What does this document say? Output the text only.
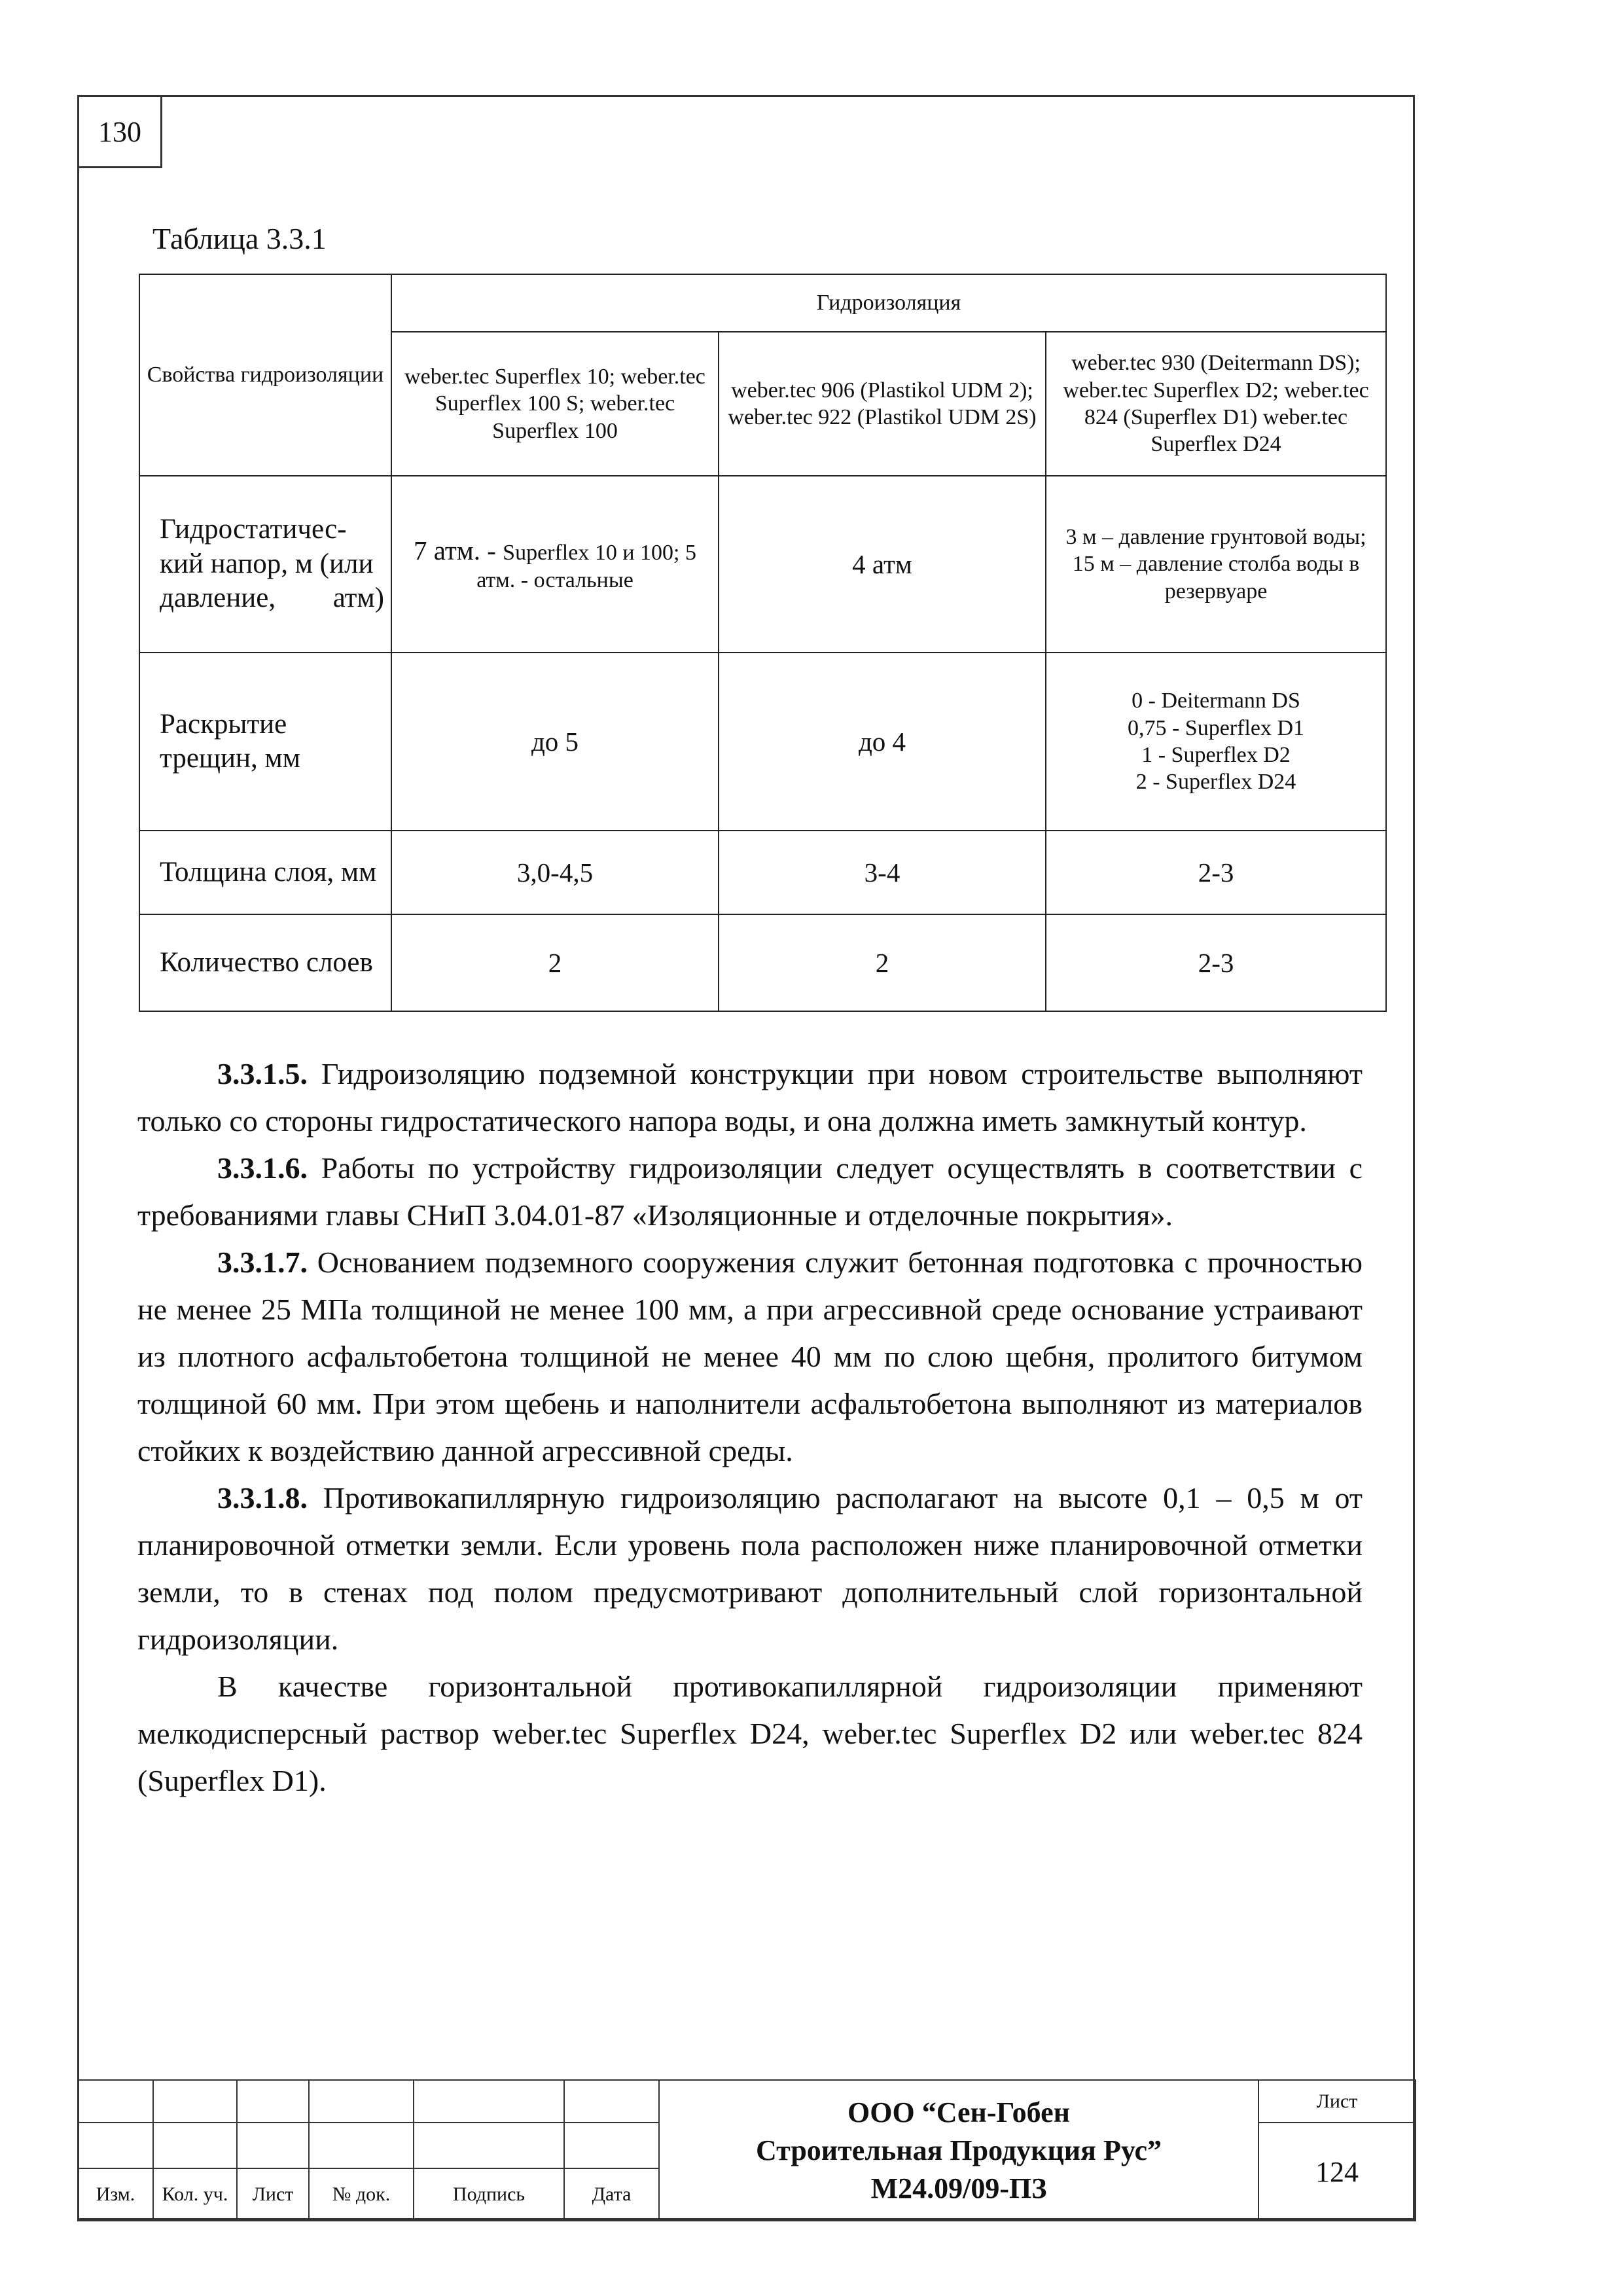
130
Таблица 3.3.1
Свойства гидроизоляции	Гидроизоляция		
	weber.tec Superflex 10; weber.tec Superflex 100 S; weber.tec Superflex 100	weber.tec 906 (Plastikol UDM 2); weber.tec 922 (Plastikol UDM 2S)	weber.tec 930 (Deitermann DS); weber.tec Superflex D2; weber.tec 824 (Superflex D1) weber.tec Superflex D24
Гидростатичес-кий напор, м (или давление, атм)	7 атм. - Superflex 10 и 100; 5 атм. - остальные	4 атм	3 м – давление грунтовой воды; 15 м – давление столба воды в резервуаре
Раскрытие трещин, мм	до 5	до 4	0 - Deitermann DS
0,75 - Superflex D1
1 - Superflex D2
2 - Superflex D24

Толщина слоя, мм	3,0-4,5	3-4	2-3
Количество слоев	2	2	2-3

3.3.1.5. Гидроизоляцию подземной конструкции при новом строительстве выполняют только со стороны гидростатического напора воды, и она должна иметь замкнутый контур.

3.3.1.6. Работы по устройству гидроизоляции следует осуществлять в соответствии с требованиями главы СНиП 3.04.01-87 «Изоляционные и отделочные покрытия».

3.3.1.7. Основанием подземного сооружения служит бетонная подготовка с прочностью не менее 25 МПа толщиной не менее 100 мм, а при агрессивной среде основание устраивают из плотного асфальтобетона толщиной не менее 40 мм по слою щебня, пролитого битумом толщиной 60 мм. При этом щебень и наполнители асфальтобетона выполняют из материалов стойких к воздействию данной агрессивной среды.

3.3.1.8. Противокапиллярную гидроизоляцию располагают на высоте 0,1 – 0,5 м от планировочной отметки земли. Если уровень пола расположен ниже планировочной отметки земли, то в стенах под полом предусмотривают дополнительный слой горизонтальной гидроизоляции.

В качестве горизонтальной противокапиллярной гидроизоляции применяют мелкодисперсный раствор weber.tec Superflex D24, weber.tec Superflex D2 или weber.tec 824 (Superflex D1).

						ООО “Сен-Гобен
Строительная Продукция Рус”
М24.09/09-ПЗ	Лист
							124
Изм.	Кол. уч.	Лист	№ док.	Подпись	Дата		
